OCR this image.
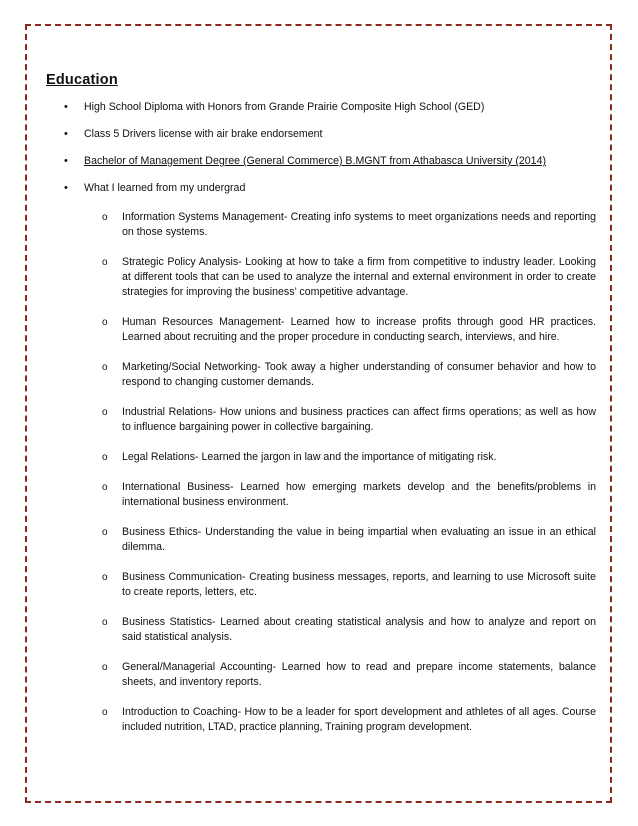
Education
• High School Diploma with Honors from Grande Prairie Composite High School (GED)
• Class 5 Drivers license with air brake endorsement
• Bachelor of Management Degree (General Commerce) B.MGNT from Athabasca University (2014)
• What I learned from my undergrad
o Information Systems Management- Creating info systems to meet organizations needs and reporting on those systems.
o Strategic Policy Analysis- Looking at how to take a firm from competitive to industry leader. Looking at different tools that can be used to analyze the internal and external environment in order to create strategies for improving the business’ competitive advantage.
o Human Resources Management- Learned how to increase profits through good HR practices. Learned about recruiting and the proper procedure in conducting search, interviews, and hire.
o Marketing/Social Networking- Took away a higher understanding of consumer behavior and how to respond to changing customer demands.
o Industrial Relations- How unions and business practices can affect firms operations; as well as how to influence bargaining power in collective bargaining.
o Legal Relations- Learned the jargon in law and the importance of mitigating risk.
o International Business- Learned how emerging markets develop and the benefits/problems in international business environment.
o Business Ethics- Understanding the value in being impartial when evaluating an issue in an ethical dilemma.
o Business Communication- Creating business messages, reports, and learning to use Microsoft suite to create reports, letters, etc.
o Business Statistics- Learned about creating statistical analysis and how to analyze and report on said statistical analysis.
o General/Managerial Accounting- Learned how to read and prepare income statements, balance sheets, and inventory reports.
o Introduction to Coaching- How to be a leader for sport development and athletes of all ages. Course included nutrition, LTAD, practice planning, Training program development.
